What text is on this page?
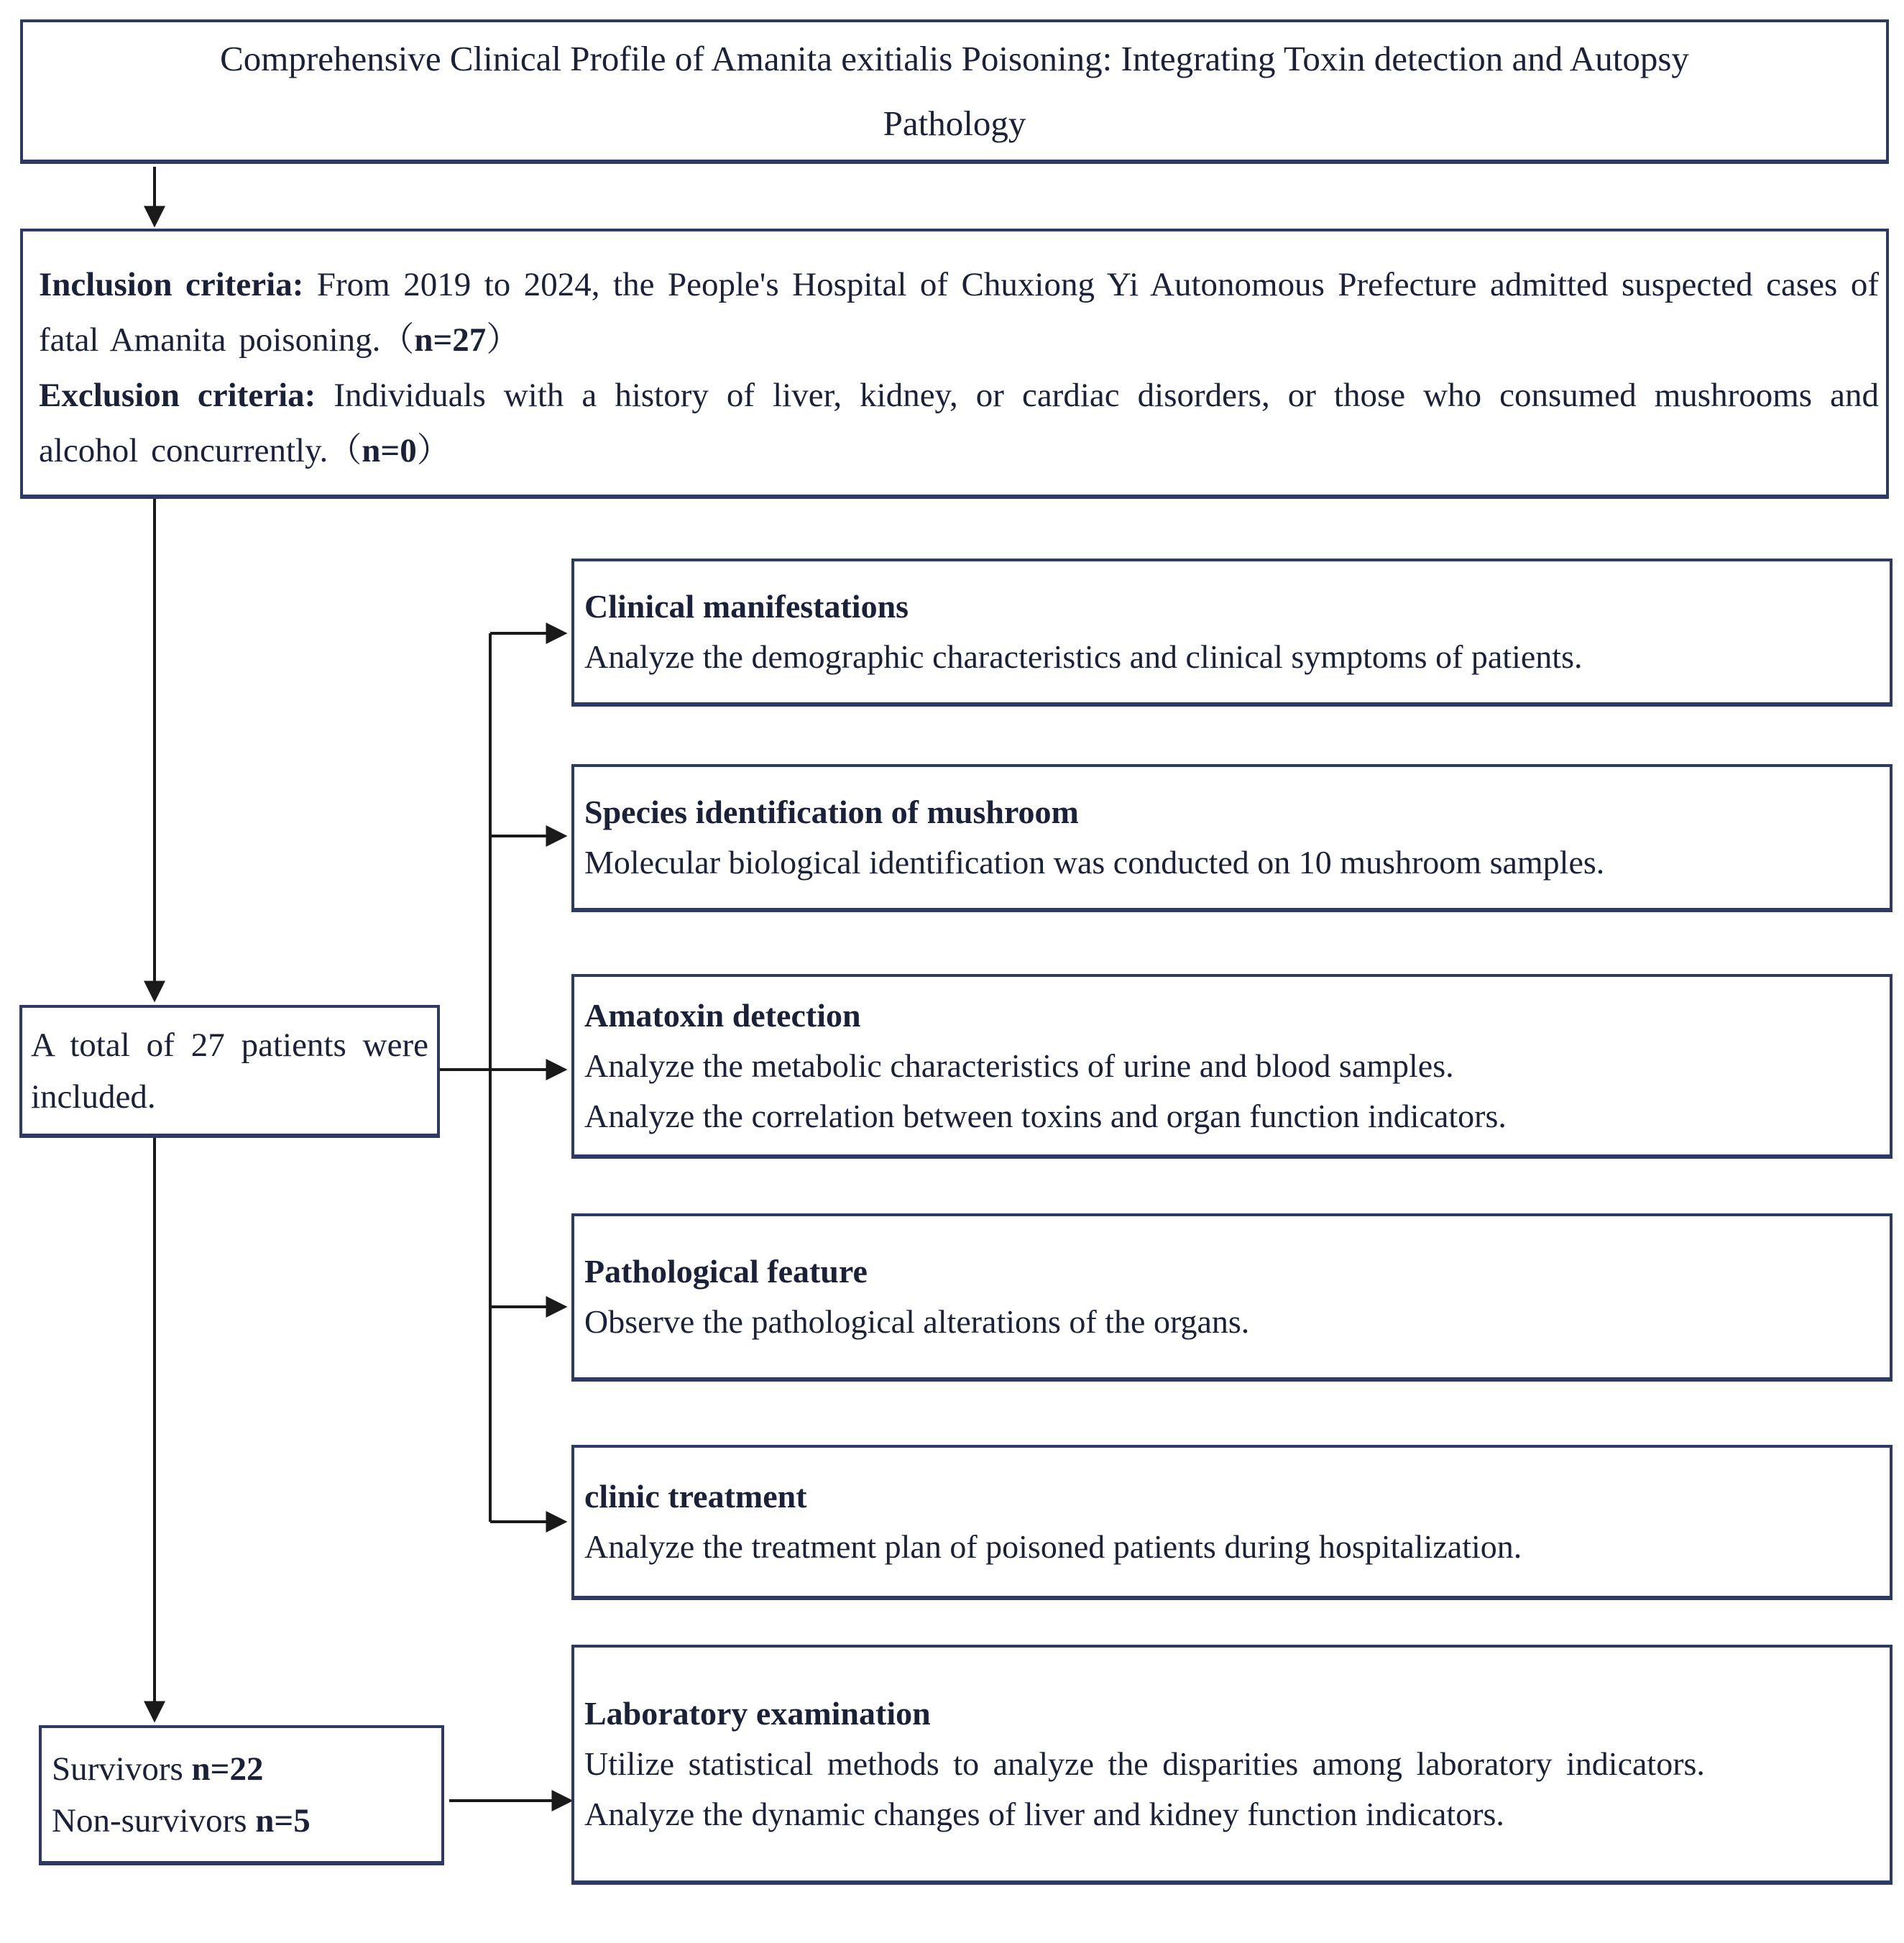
Comprehensive Clinical Profile of Amanita exitialis Poisoning: Integrating Toxin detection and Autopsy
Pathology

Inclusion criteria: From 2019 to 2024, the People's Hospital of Chuxiong Yi Autonomous Prefecture admitted suspected cases of fatal Amanita poisoning.（n=27）

Exclusion criteria: Individuals with a history of liver, kidney, or cardiac disorders, or those who consumed mushrooms and alcohol concurrently.（n=0）

A total of 27 patients were included.
Survivors n=22
Non-survivors n=5
Clinical manifestations
Analyze the demographic characteristics and clinical symptoms of patients.
Species identification of mushroom
Molecular biological identification was conducted on 10 mushroom samples.
Amatoxin detection
Analyze the metabolic characteristics of urine and blood samples.
Analyze the correlation between toxins and organ function indicators.
Pathological feature
Observe the pathological alterations of the organs.
clinic treatment
Analyze the treatment plan of poisoned patients during hospitalization.
Laboratory examination
Utilize statistical methods to analyze the disparities among laboratory indicators.
Analyze the dynamic changes of liver and kidney function indicators.
